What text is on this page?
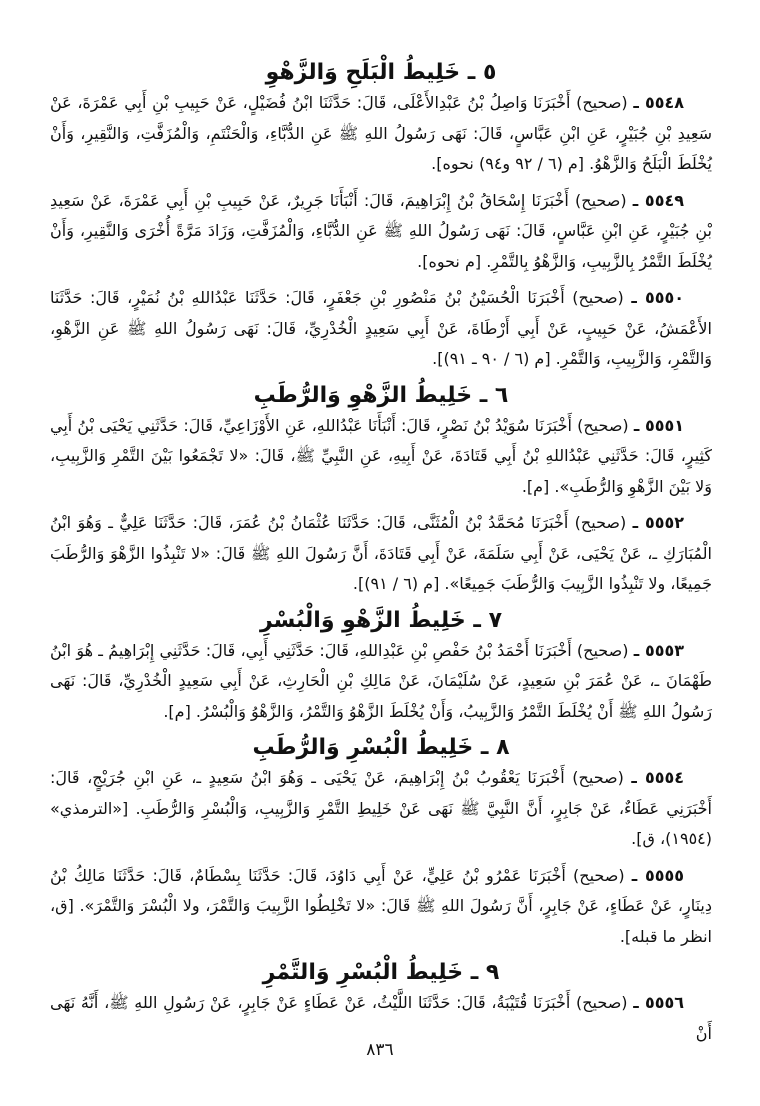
٥ ـ خَلِيطُ الْبَلَحِ وَالزَّهْوِ

٥٥٤٨ ـ (صحيح) أَخْبَرَنَا وَاصِلُ بْنُ عَبْدِالأَعْلَى، قَالَ: حَدَّثَنَا ابْنُ فُضَيْلٍ، عَنْ حَبِيبِ بْنِ أَبِي عَمْرَةَ، عَنْ سَعِيدِ بْنِ جُبَيْرٍ، عَنِ ابْنِ عَبَّاسٍ، قَالَ: نَهَى رَسُولُ اللهِ ﷺ عَنِ الدُّبَّاءِ، وَالْحَنْتَمِ، وَالْمُزَفَّتِ، وَالنَّقِيرِ، وَأَنْ يُخْلَطَ الْبَلَحُ وَالزَّهْوُ. [م (٦ / ٩٢ و٩٤) نحوه].

٥٥٤٩ ـ (صحيح) أَخْبَرَنَا إِسْحَاقُ بْنُ إِبْرَاهِيمَ، قَالَ: أَنْبَأَنَا جَرِيرٌ، عَنْ حَبِيبِ بْنِ أَبِي عَمْرَةَ، عَنْ سَعِيدِ بْنِ جُبَيْرٍ، عَنِ ابْنِ عَبَّاسٍ، قَالَ: نَهَى رَسُولُ اللهِ ﷺ عَنِ الدُّبَّاءِ، وَالْمُزَفَّتِ، وَزَادَ مَرَّةً أُخْرَى وَالنَّقِيرِ، وَأَنْ يُخْلَطَ التَّمْرُ بِالزَّبِيبِ، وَالزَّهْوُ بِالتَّمْرِ. [م نحوه].

٥٥٥٠ ـ (صحيح) أَخْبَرَنَا الْحُسَيْنُ بْنُ مَنْصُورِ بْنِ جَعْفَرٍ، قَالَ: حَدَّثَنَا عَبْدُاللهِ بْنُ نُمَيْرٍ، قَالَ: حَدَّثَنَا الأَعْمَشُ، عَنْ حَبِيبٍ، عَنْ أَبِي أَرْطَاةَ، عَنْ أَبِي سَعِيدٍ الْخُدْرِيِّ، قَالَ: نَهَى رَسُولُ اللهِ ﷺ عَنِ الزَّهْوِ، وَالتَّمْرِ، وَالزَّبِيبِ، وَالتَّمْرِ. [م (٦ / ٩٠ ـ ٩١)].

٦ ـ خَلِيطُ الزَّهْوِ وَالرُّطَبِ

٥٥٥١ ـ (صحيح) أَخْبَرَنَا سُوَيْدُ بْنُ نَصْرٍ، قَالَ: أَنْبَأَنَا عَبْدُاللهِ، عَنِ الأَوْزَاعِيِّ، قَالَ: حَدَّثَنِي يَحْيَى بْنُ أَبِي كَثِيرٍ، قَالَ: حَدَّثَنِي عَبْدُاللهِ بْنُ أَبِي قَتَادَةَ، عَنْ أَبِيهِ، عَنِ النَّبِيِّ ﷺ، قَالَ: «لا تَجْمَعُوا بَيْنَ التَّمْرِ وَالزَّبِيبِ، وَلا بَيْنَ الزَّهْوِ وَالرُّطَبِ». [م].

٥٥٥٢ ـ (صحيح) أَخْبَرَنَا مُحَمَّدُ بْنُ الْمُثَنَّى، قَالَ: حَدَّثَنَا عُثْمَانُ بْنُ عُمَرَ، قَالَ: حَدَّثَنَا عَلِيٌّ ـ وَهُوَ ابْنُ الْمُبَارَكِ ـ، عَنْ يَحْيَى، عَنْ أَبِي سَلَمَةَ، عَنْ أَبِي قَتَادَةَ، أَنَّ رَسُولَ اللهِ ﷺ قَالَ: «لا تَنْبِذُوا الزَّهْوَ وَالرُّطَبَ جَمِيعًا، ولا تَنْبِذُوا الزَّبِيبَ وَالرُّطَبَ جَمِيعًا». [م (٦ / ٩١)].

٧ ـ خَلِيطُ الزَّهْوِ وَالْبُسْرِ

٥٥٥٣ ـ (صحيح) أَخْبَرَنَا أَحْمَدُ بْنُ حَفْصِ بْنِ عَبْدِاللهِ، قَالَ: حَدَّثَنِي أَبِي، قَالَ: حَدَّثَنِي إِبْرَاهِيمُ ـ هُوَ ابْنُ طَهْمَانَ ـ، عَنْ عُمَرَ بْنِ سَعِيدٍ، عَنْ سُلَيْمَانَ، عَنْ مَالِكِ بْنِ الْحَارِثِ، عَنْ أَبِي سَعِيدٍ الْخُدْرِيِّ، قَالَ: نَهَى رَسُولُ اللهِ ﷺ أَنْ يُخْلَطَ التَّمْرُ وَالزَّبِيبُ، وَأَنْ يُخْلَطَ الزَّهْوُ وَالتَّمْرُ، وَالزَّهْوُ وَالْبُسْرُ. [م].

٨ ـ خَلِيطُ الْبُسْرِ وَالرُّطَبِ

٥٥٥٤ ـ (صحيح) أَخْبَرَنَا يَعْقُوبُ بْنُ إِبْرَاهِيمَ، عَنْ يَحْيَى ـ وَهُوَ ابْنُ سَعِيدٍ ـ، عَنِ ابْنِ جُرَيْجٍ، قَالَ: أَخْبَرَنِي عَطَاءٌ، عَنْ جَابِرٍ، أَنَّ النَّبِيَّ ﷺ نَهَى عَنْ خَلِيطِ التَّمْرِ وَالزَّبِيبِ، وَالْبُسْرِ وَالرُّطَبِ. [«الترمذي» (١٩٥٤)، ق].

٥٥٥٥ ـ (صحيح) أَخْبَرَنَا عَمْرُو بْنُ عَلِيٍّ، عَنْ أَبِي دَاوُدَ، قَالَ: حَدَّثَنَا بِسْطَامٌ، قَالَ: حَدَّثَنَا مَالِكُ بْنُ دِينَارٍ، عَنْ عَطَاءٍ، عَنْ جَابِرٍ، أَنَّ رَسُولَ اللهِ ﷺ قَالَ: «لا تَخْلِطُوا الزَّبِيبَ وَالتَّمْرَ، ولا الْبُسْرَ وَالتَّمْرَ». [ق، انظر ما قبله].

٩ ـ خَلِيطُ الْبُسْرِ وَالتَّمْرِ

٥٥٥٦ ـ (صحيح) أَخْبَرَنَا قُتَيْبَةُ، قَالَ: حَدَّثَنَا اللَّيْثُ، عَنْ عَطَاءٍ عَنْ جَابِرٍ، عَنْ رَسُولِ اللهِ ﷺ، أَنَّهُ نَهَى أَنْ

٨٣٦
